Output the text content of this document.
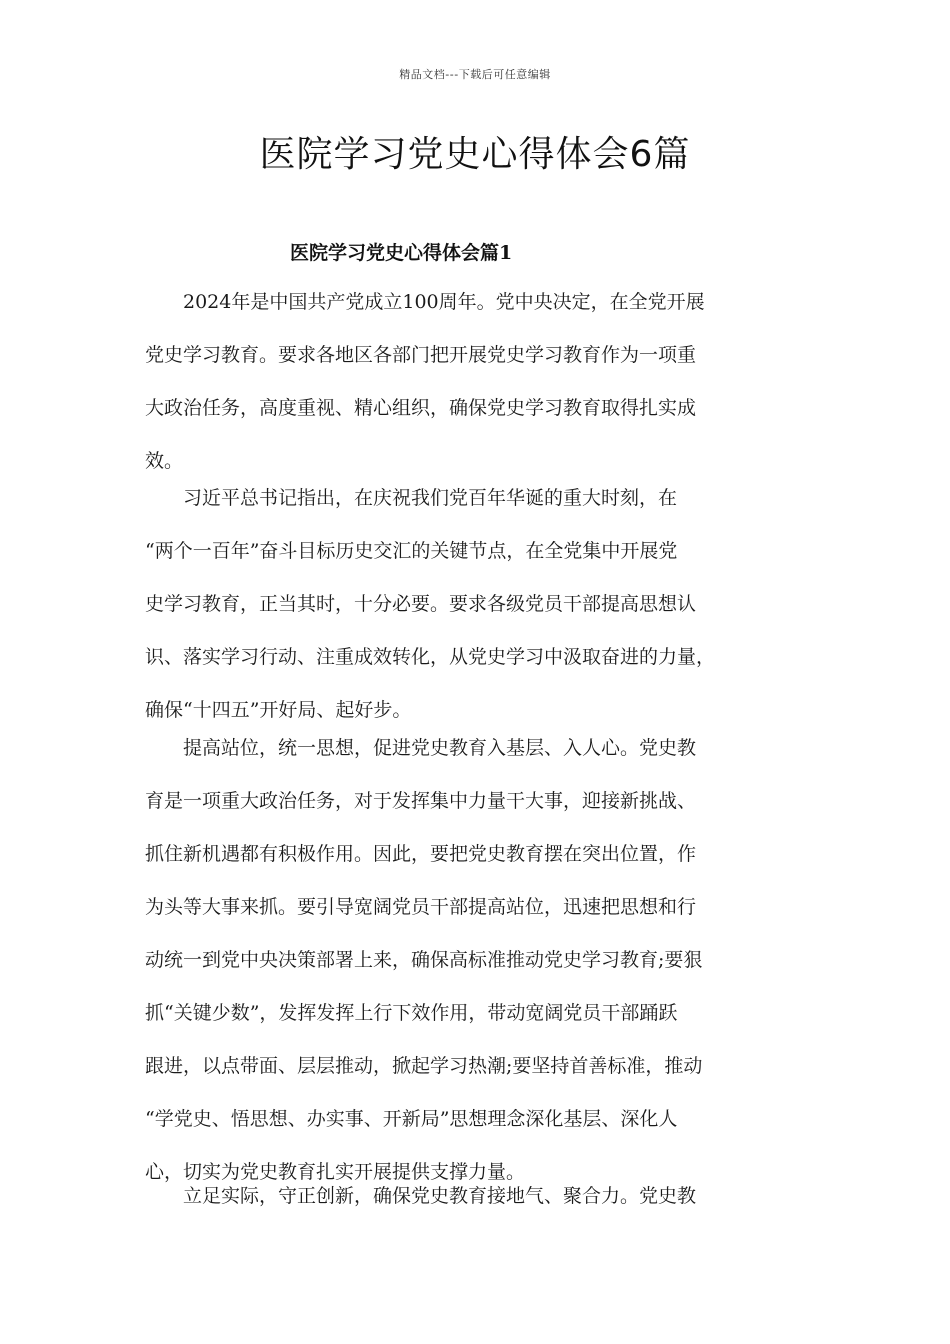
精品文档---下载后可任意编辑
医院学习党史心得体会6篇
医院学习党史心得体会篇1

　　2024年是中国共产党成立100周年。党中央决定，在全党开展
党史学习教育。要求各地区各部门把开展党史学习教育作为一项重
大政治任务，高度重视、精心组织，确保党史学习教育取得扎实成
效。

　　习近平总书记指出，在庆祝我们党百年华诞的重大时刻，在
“两个一百年”奋斗目标历史交汇的关键节点，在全党集中开展党
史学习教育，正当其时，十分必要。要求各级党员干部提高思想认
识、落实学习行动、注重成效转化，从党史学习中汲取奋进的力量，
确保“十四五”开好局、起好步。

　　提高站位，统一思想，促进党史教育入基层、入人心。党史教
育是一项重大政治任务，对于发挥集中力量干大事，迎接新挑战、
抓住新机遇都有积极作用。因此，要把党史教育摆在突出位置，作
为头等大事来抓。要引导宽阔党员干部提高站位，迅速把思想和行
动统一到党中央决策部署上来，确保高标准推动党史学习教育;要狠
抓“关键少数”，发挥发挥上行下效作用，带动宽阔党员干部踊跃
跟进，以点带面、层层推动，掀起学习热潮;要坚持首善标准，推动
“学党史、悟思想、办实事、开新局”思想理念深化基层、深化人
心，切实为党史教育扎实开展提供支撑力量。

　　立足实际，守正创新，确保党史教育接地气、聚合力。党史教
